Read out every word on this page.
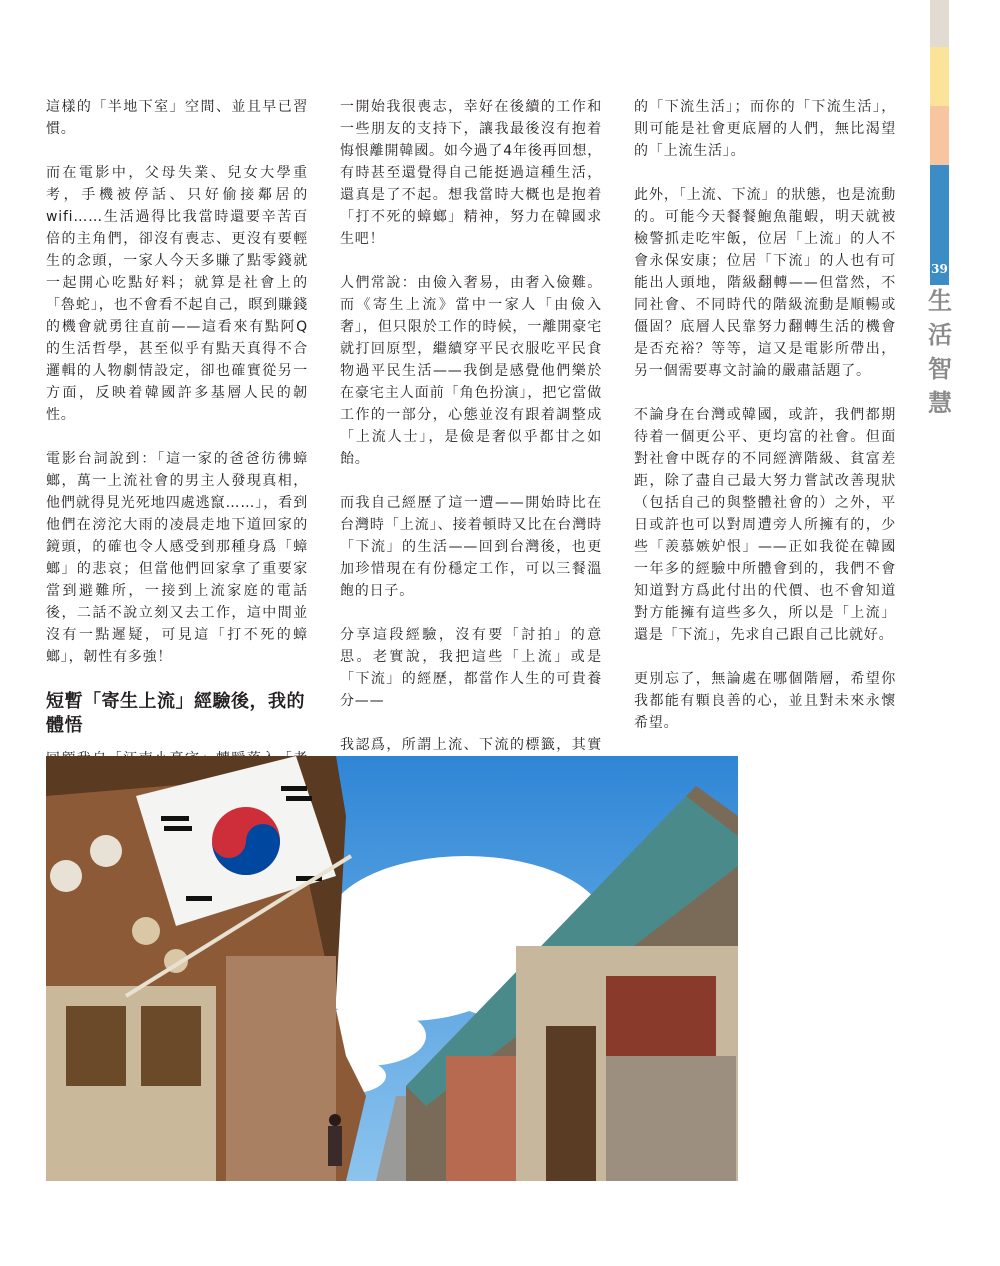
39
生
活
智
慧

這樣的「半地下室」空間、並且早已習慣。

而在電影中，父母失業、兒女大學重考，手機被停話、只好偷接鄰居的 wifi……生活過得比我當時還要辛苦百倍的主角們，卻沒有喪志、更沒有要輕生的念頭，一家人今天多賺了點零錢就一起開心吃點好料；就算是社會上的「魯蛇」，也不會看不起自己，瞑到賺錢的機會就勇往直前——這看來有點阿Q的生活哲學，甚至似乎有點天真得不合邏輯的人物劇情設定，卻也確實從另一方面，反映着韓國許多基層人民的韌性。

電影台詞說到：「這一家的爸爸彷彿蟑螂，萬一上流社會的男主人發現真相，他們就得見光死地四處逃竄……」，看到他們在滂沱大雨的凌晨走地下道回家的鏡頭，的確也令人感受到那種身爲「蟑螂」的悲哀；但當他們回家拿了重要家當到避難所，一接到上流家庭的電話後，二話不說立刻又去工作，這中間並沒有一點遲疑，可見這「打不死的蟑螂」，韌性有多強！

短暫「寄生上流」經驗後，我的體悟

一開始我很喪志，幸好在後續的工作和一些朋友的支持下，讓我最後沒有抱着悔恨離開韓國。如今過了4年後再回想，有時甚至還覺得自己能挺過這種生活，還真是了不起。想我當時大概也是抱着「打不死的蟑螂」精神，努力在韓國求生吧！

人們常說：由儉入奢易，由奢入儉難。而《寄生上流》當中一家人「由儉入奢」，但只限於工作的時候，一離開豪宅就打回原型，繼續穿平民衣服吃平民食物過平民生活——我倒是感覺他們樂於在豪宅主人面前「角色扮演」，把它當做工作的一部分，心態並沒有跟着調整成「上流人士」，是儉是奢似乎都甘之如飴。

而我自己經歷了這一遭——開始時比在台灣時「上流」、接着頓時又比在台灣時「下流」的生活——回到台灣後，也更加珍惜現在有份穩定工作，可以三餐溫飽的日子。

分享這段經驗，沒有要「討拍」的意思。老實說，我把這些「上流」或是「下流」的經歷，都當作人生的可貴養分——

我認爲，所謂上流、下流的標籤，其實

的「下流生活」；而你的「下流生活」，則可能是社會更底層的人們，無比渴望的「上流生活」。

此外，「上流、下流」的狀態，也是流動的。可能今天餐餐鮑魚龍蝦，明天就被檢警抓走吃牢飯，位居「上流」的人不會永保安康；位居「下流」的人也有可能出人頭地，階級翻轉——但當然，不同社會、不同時代的階級流動是順暢或僵固？底層人民靠努力翻轉生活的機會是否充裕？等等，這又是電影所帶出，另一個需要專文討論的嚴肅話題了。

不論身在台灣或韓國，或許，我們都期待着一個更公平、更均富的社會。但面對社會中既存的不同經濟階級、貧富差距，除了盡自己最大努力嘗試改善現狀（包括自己的與整體社會的）之外，平日或許也可以對周遭旁人所擁有的，少些「羨慕嫉妒恨」——正如我從在韓國一年多的經驗中所體會到的，我們不會知道對方爲此付出的代價、也不會知道對方能擁有這些多久，所以是「上流」還是「下流」，先求自己跟自己比就好。

更別忘了，無論處在哪個階層，希望你我都能有顆良善的心，並且對未來永懷希望。
